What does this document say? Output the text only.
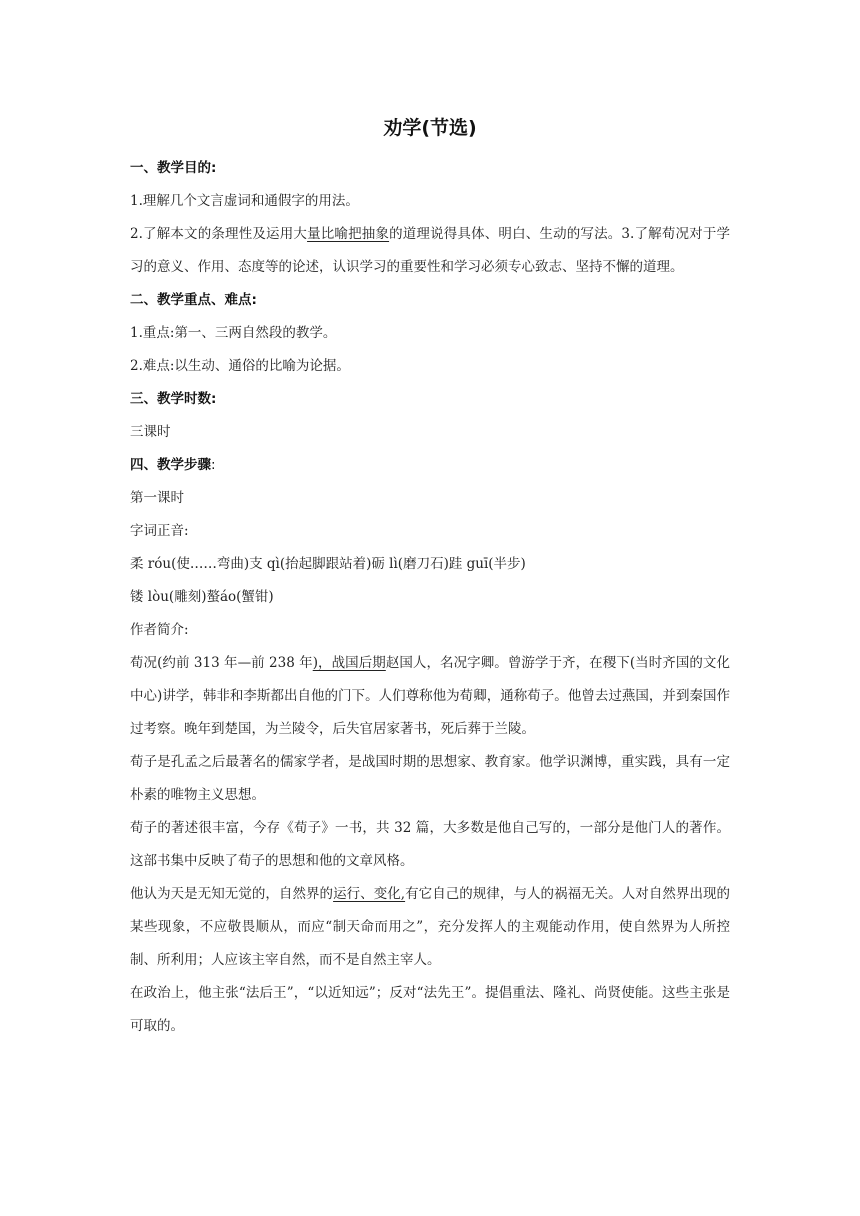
劝学(节选)

一、教学目的:

1.理解几个文言虚词和通假字的用法。

2.了解本文的条理性及运用大量比喻把抽象的道理说得具体、明白、生动的写法。3.了解荀况对于学习的意义、作用、态度等的论述，认识学习的重要性和学习必须专心致志、坚持不懈的道理。

二、教学重点、难点:

1.重点:第一、三两自然段的教学。

2.难点:以生动、通俗的比喻为论据。

三、教学时数:

三课时

四、教学步骤:

第一课时

字词正音:

柔 róu(使……弯曲)支 qì(抬起脚跟站着)砺 lì(磨刀石)跬 guī(半步)

镂 lòu(雕刻)螯áo(蟹钳)

作者简介:

荀况(约前 313 年—前 238 年)，战国后期赵国人，名况字卿。曾游学于齐，在稷下(当时齐国的文化中心)讲学，韩非和李斯都出自他的门下。人们尊称他为荀卿，通称荀子。他曾去过燕国，并到秦国作过考察。晚年到楚国，为兰陵令，后失官居家著书，死后葬于兰陵。

荀子是孔孟之后最著名的儒家学者，是战国时期的思想家、教育家。他学识渊博，重实践，具有一定朴素的唯物主义思想。

荀子的著述很丰富，今存《荀子》一书，共 32 篇，大多数是他自己写的，一部分是他门人的著作。这部书集中反映了荀子的思想和他的文章风格。

他认为天是无知无觉的，自然界的运行、变化,有它自己的规律，与人的祸福无关。人对自然界出现的某些现象，不应敬畏顺从，而应“制天命而用之”，充分发挥人的主观能动作用，使自然界为人所控制、所利用；人应该主宰自然，而不是自然主宰人。

在政治上，他主张“法后王”，“以近知远”；反对“法先王”。提倡重法、隆礼、尚贤使能。这些主张是可取的。
